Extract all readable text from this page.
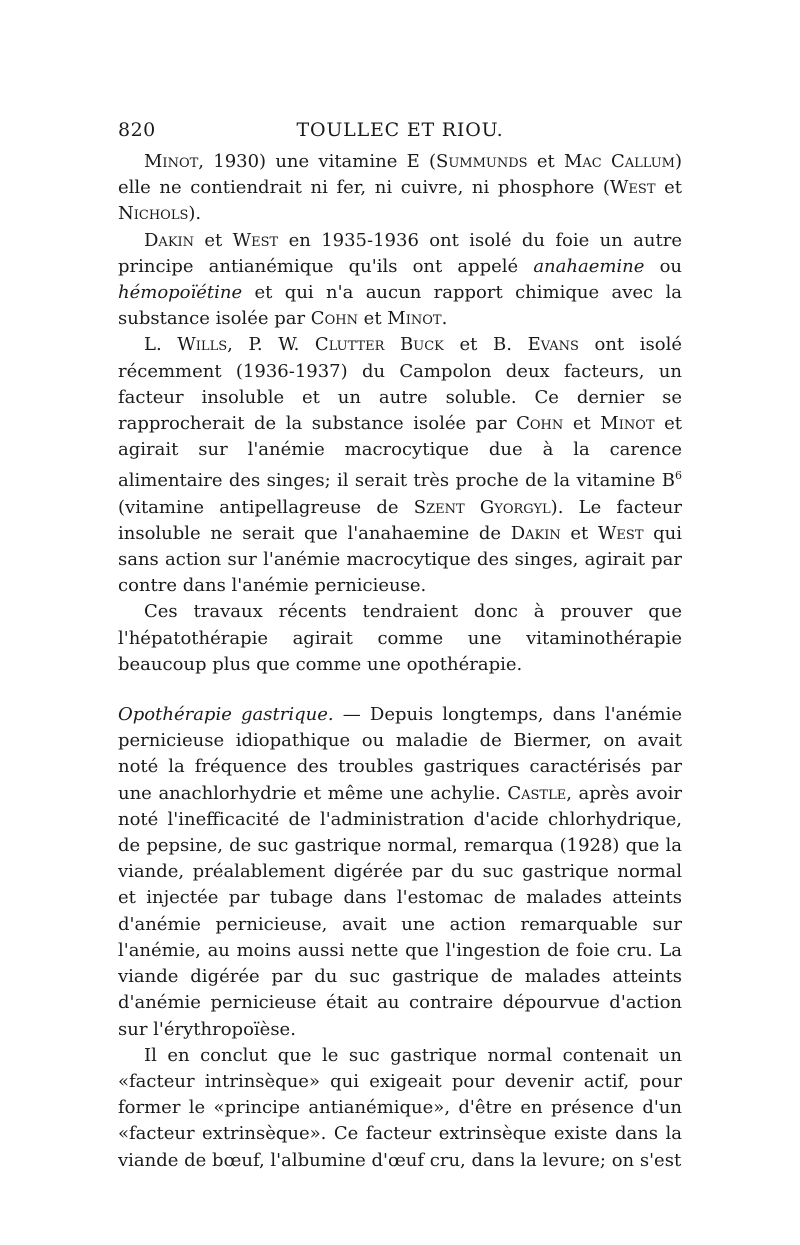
820	TOULLEC ET RIOU.

Minot, 1930) une vitamine E (Summunds et Mac Callum) elle ne contiendrait ni fer, ni cuivre, ni phosphore (West et Nichols).

Dakin et West en 1935-1936 ont isolé du foie un autre principe antianémique qu'ils ont appelé anahaemine ou hémopoïétine et qui n'a aucun rapport chimique avec la substance isolée par Cohn et Minot.

L. Wills, P. W. Clutter Buck et B. Evans ont isolé récemment (1936-1937) du Campolon deux facteurs, un facteur insoluble et un autre soluble. Ce dernier se rapprocherait de la substance isolée par Cohn et Minot et agirait sur l'anémie macrocytique due à la carence alimentaire des singes; il serait très proche de la vitamine $B^6$ (vitamine antipellagreuse de Szent Gyorgyl). Le facteur insoluble ne serait que l'anahaemine de Dakin et West qui sans action sur l'anémie macrocytique des singes, agirait par contre dans l'anémie pernicieuse.

Ces travaux récents tendraient donc à prouver que l'hépatothérapie agirait comme une vitaminothérapie beaucoup plus que comme une opothérapie.

Opothérapie gastrique. — Depuis longtemps, dans l'anémie pernicieuse idiopathique ou maladie de Biermer, on avait noté la fréquence des troubles gastriques caractérisés par une anachlorhydrie et même une achylie. Castle, après avoir noté l'inefficacité de l'administration d'acide chlorhydrique, de pepsine, de suc gastrique normal, remarqua (1928) que la viande, préalablement digérée par du suc gastrique normal et injectée par tubage dans l'estomac de malades atteints d'anémie pernicieuse, avait une action remarquable sur l'anémie, au moins aussi nette que l'ingestion de foie cru. La viande digérée par du suc gastrique de malades atteints d'anémie pernicieuse était au contraire dépourvue d'action sur l'érythropoïèse.

Il en conclut que le suc gastrique normal contenait un «facteur intrinsèque» qui exigeait pour devenir actif, pour former le «principe antianémique», d'être en présence d'un «facteur extrinsèque». Ce facteur extrinsèque existe dans la viande de bœuf, l'albumine d'œuf cru, dans la levure; on s'est
